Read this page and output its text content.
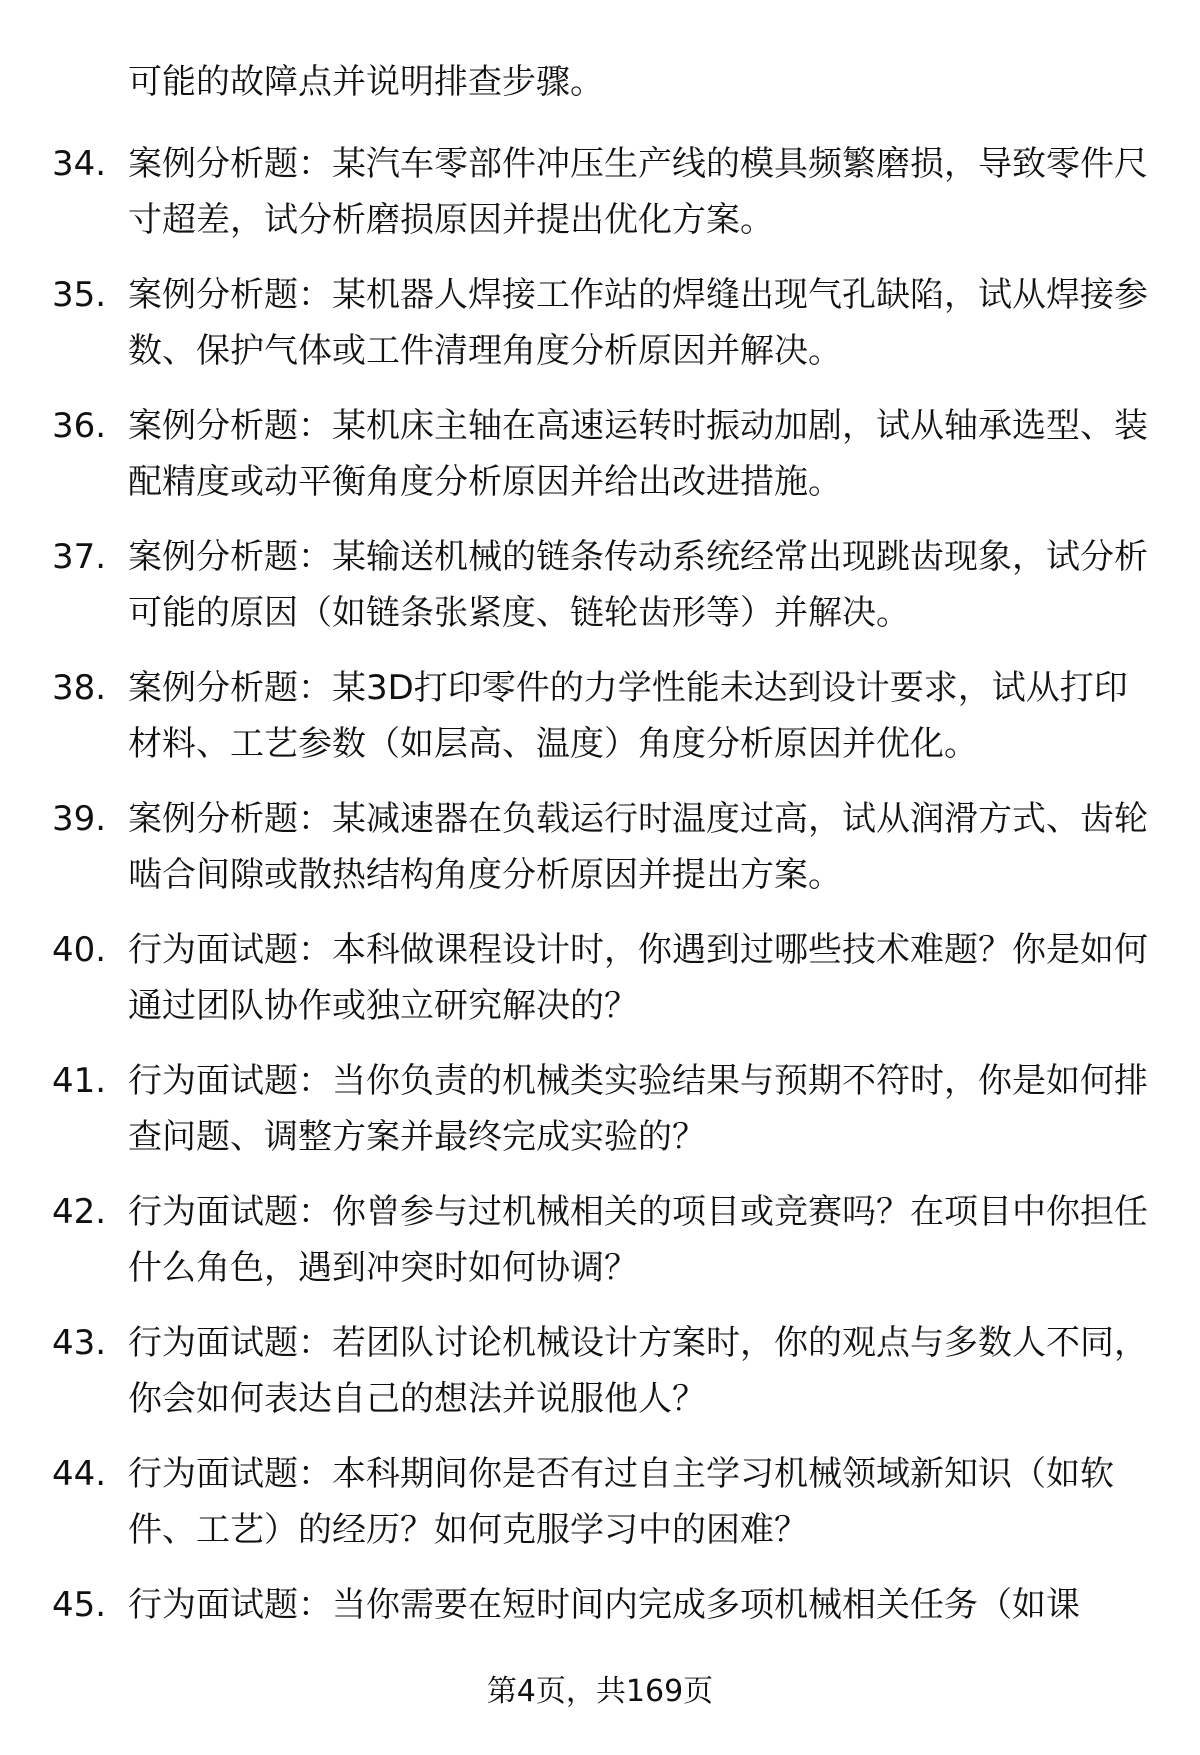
可能的故障点并说明排查步骤。

34. 案例分析题：某汽车零部件冲压生产线的模具频繁磨损，导致零件尺寸超差，试分析磨损原因并提出优化方案。
35. 案例分析题：某机器人焊接工作站的焊缝出现气孔缺陷，试从焊接参数、保护气体或工件清理角度分析原因并解决。
36. 案例分析题：某机床主轴在高速运转时振动加剧，试从轴承选型、装配精度或动平衡角度分析原因并给出改进措施。
37. 案例分析题：某输送机械的链条传动系统经常出现跳齿现象，试分析可能的原因（如链条张紧度、链轮齿形等）并解决。
38. 案例分析题：某3D打印零件的力学性能未达到设计要求，试从打印材料、工艺参数（如层高、温度）角度分析原因并优化。
39. 案例分析题：某减速器在负载运行时温度过高，试从润滑方式、齿轮啮合间隙或散热结构角度分析原因并提出方案。
40. 行为面试题：本科做课程设计时，你遇到过哪些技术难题？你是如何通过团队协作或独立研究解决的？
41. 行为面试题：当你负责的机械类实验结果与预期不符时，你是如何排查问题、调整方案并最终完成实验的？
42. 行为面试题：你曾参与过机械相关的项目或竞赛吗？在项目中你担任什么角色，遇到冲突时如何协调？
43. 行为面试题：若团队讨论机械设计方案时，你的观点与多数人不同，你会如何表达自己的想法并说服他人？
44. 行为面试题：本科期间你是否有过自主学习机械领域新知识（如软件、工艺）的经历？如何克服学习中的困难？
45. 行为面试题：当你需要在短时间内完成多项机械相关任务（如课
第4页，共169页
